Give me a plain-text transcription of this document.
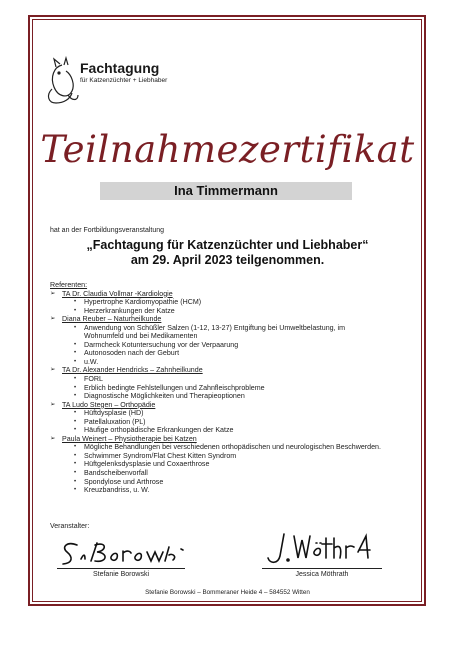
Fachtagung
für Katzenzüchter + Liebhaber
Teilnahmezertifikat
Ina Timmermann
hat an der Fortbildungsveranstaltung
„Fachtagung für Katzenzüchter und Liebhaber“
am 29. April 2023 teilgenommen.
Referenten:
➢ TA Dr. Claudia Vollmar -Kardiologie
• Hypertrophe Kardiomyopathie (HCM)
• Herzerkrankungen der Katze
➢ Diana Reuber – Naturheilkunde
• Anwendung von Schüßler Salzen (1-12, 13-27) Entgiftung bei Umweltbelastung, im
Wohnumfeld und bei Medikamenten
• Darmcheck Kotuntersuchung vor der Verpaarung
• Autonosoden nach der Geburt
• u.W.
➢ TA Dr. Alexander Hendricks – Zahnheilkunde
• FORL
• Erblich bedingte Fehlstellungen und Zahnfleischprobleme
• Diagnostische Möglichkeiten und Therapieoptionen
➢ TA Ludo Stegen – Orthopädie
• Hüftdysplasie (HD)
• Patellaluxation (PL)
• Häufige orthopädische Erkrankungen der Katze
➢ Paula Weinert – Physiotherapie bei Katzen
• Mögliche Behandlungen bei verschiedenen orthopädischen und neurologischen Beschwerden.
• Schwimmer Syndrom/Flat Chest Kitten Syndrom
• Hüftgelenksdysplasie und Coxaerthrose
• Bandscheibenvorfall
• Spondylose und Arthrose
• Kreuzbandriss, u. W.
Veranstalter:
Stefanie Borowski	Jessica Möthrath
Stefanie Borowski – Bommeraner Heide 4 – 584552 Witten
